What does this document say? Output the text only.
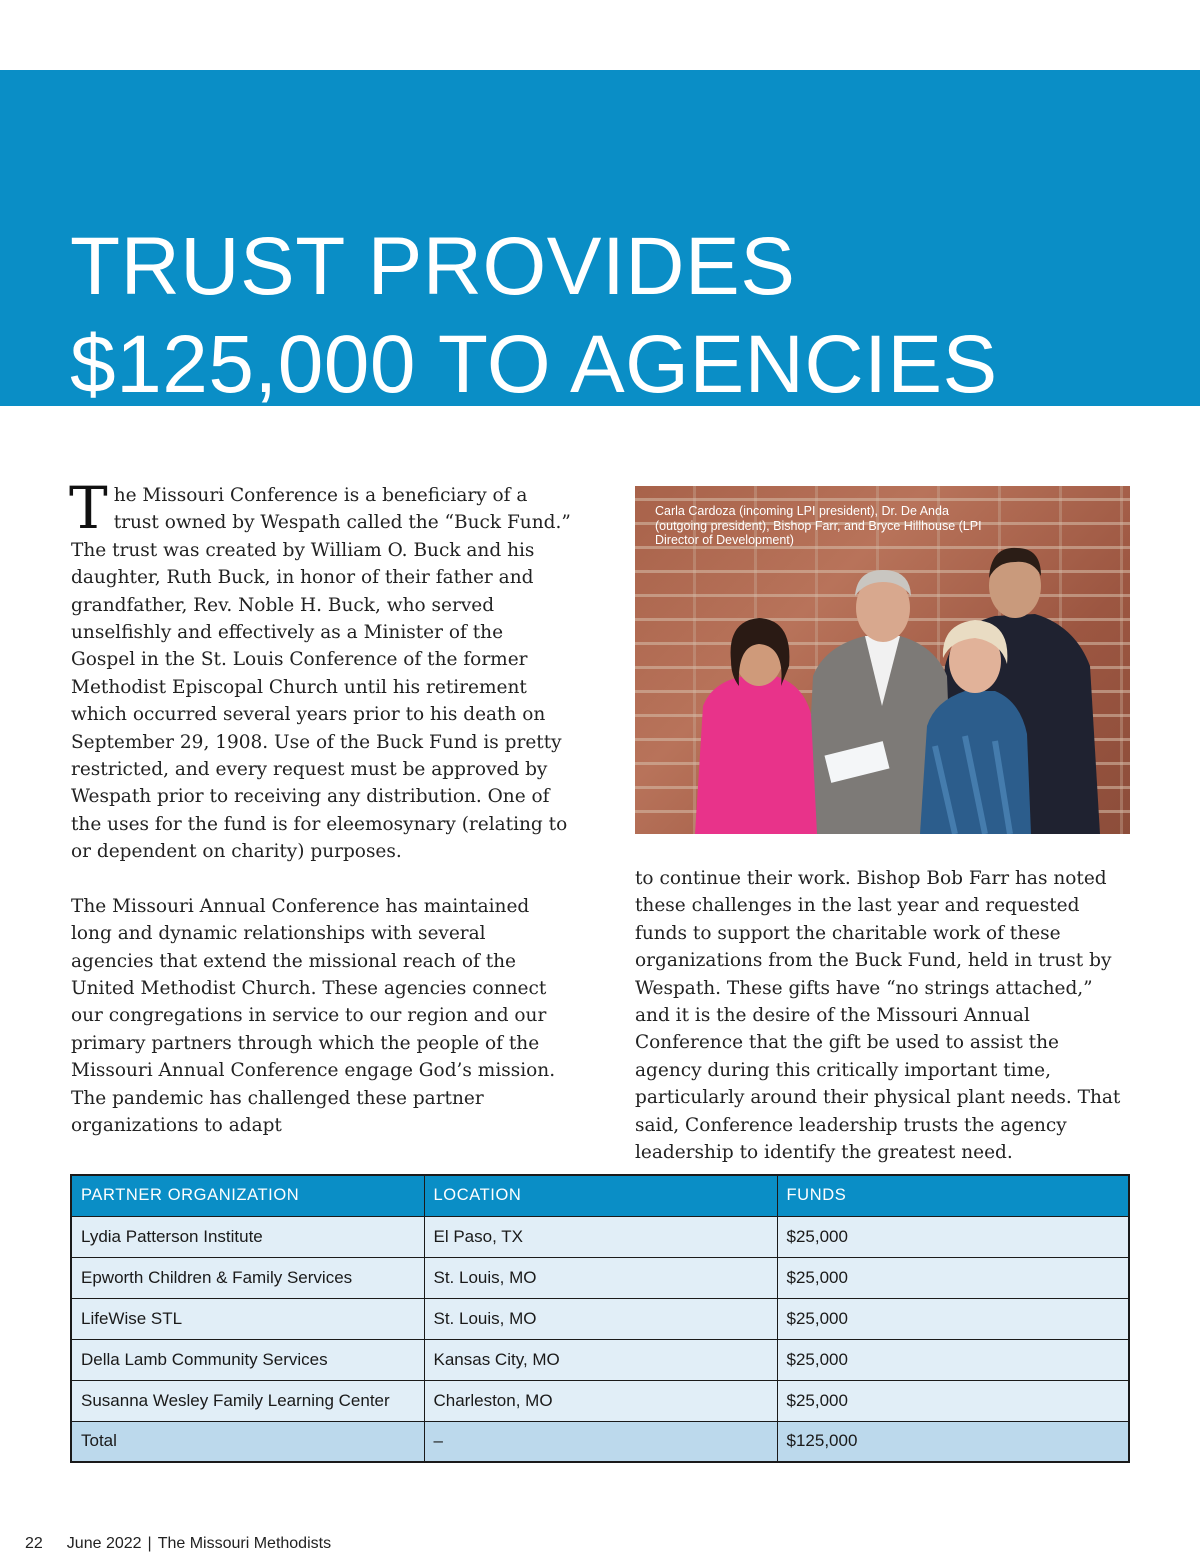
TRUST PROVIDES
$125,000 TO AGENCIES

The Missouri Conference is a beneficiary of a trust owned by Wespath called the “Buck Fund.” The trust was created by William O. Buck and his daughter, Ruth Buck, in honor of their father and grandfather, Rev. Noble H. Buck, who served unselfishly and effectively as a Minister of the Gospel in the St. Louis Conference of the former Methodist Episcopal Church until his retirement which occurred several years prior to his death on September 29, 1908. Use of the Buck Fund is pretty restricted, and every request must be approved by Wespath prior to receiving any distribution. One of the uses for the fund is for eleemosynary (relating to or dependent on charity) purposes.

The Missouri Annual Conference has maintained long and dynamic relationships with several agencies that extend the missional reach of the United Methodist Church. These agencies connect our congregations in service to our region and our primary partners through which the people of the Missouri Annual Conference engage God’s mission. The pandemic has challenged these partner organizations to adapt

Carla Cardoza (incoming LPI president), Dr. De Anda (outgoing president), Bishop Farr, and Bryce Hillhouse (LPI Director of Development)

to continue their work. Bishop Bob Farr has noted these challenges in the last year and requested funds to support the charitable work of these organizations from the Buck Fund, held in trust by Wespath. These gifts have “no strings attached,” and it is the desire of the Missouri Annual Conference that the gift be used to assist the agency during this critically important time, particularly around their physical plant needs. That said, Conference leadership trusts the agency leadership to identify the greatest need.

PARTNER ORGANIZATION	LOCATION	FUNDS
Lydia Patterson Institute	El Paso, TX	$25,000
Epworth Children & Family Services	St. Louis, MO	$25,000
LifeWise STL	St. Louis, MO	$25,000
Della Lamb Community Services	Kansas City, MO	$25,000
Susanna Wesley Family Learning Center	Charleston, MO	$25,000
Total	–	$125,000
22 June 2022 | The Missouri Methodists
